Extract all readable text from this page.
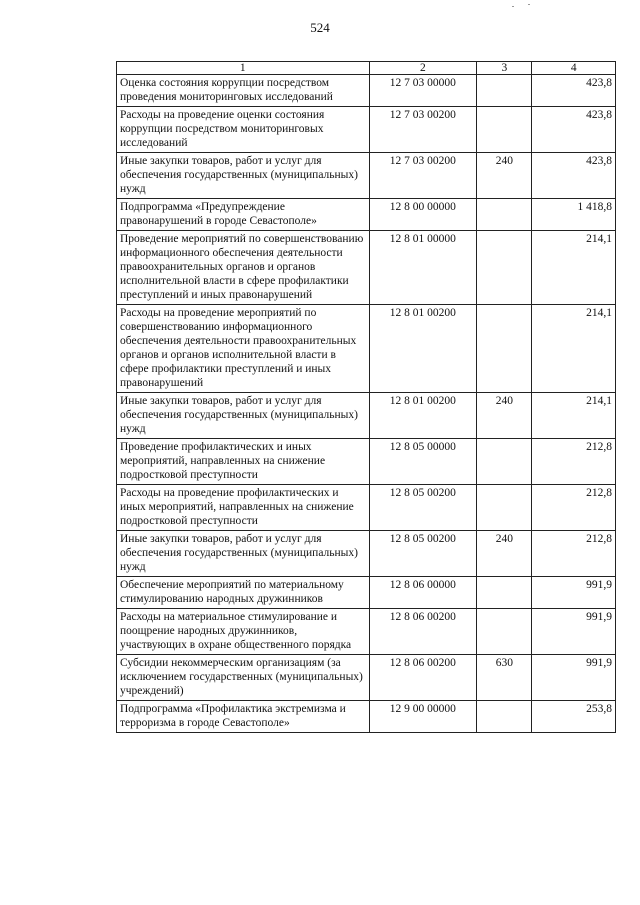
524
1	2	3	4
Оценка состояния коррупции посредством проведения мониторинговых исследований	12 7 03 00000		423,8
Расходы на проведение оценки состояния коррупции посредством мониторинговых исследований	12 7 03 00200		423,8
Иные закупки товаров, работ и услуг для обеспечения государственных (муниципальных) нужд	12 7 03 00200	240	423,8
Подпрограмма «Предупреждение правонарушений в городе Севастополе»	12 8 00 00000		1 418,8
Проведение мероприятий по совершенствованию информационного обеспечения деятельности правоохранительных органов и органов исполнительной власти в сфере профилактики преступлений и иных правонарушений	12 8 01 00000		214,1
Расходы на проведение мероприятий по совершенствованию информационного обеспечения деятельности правоохранительных органов и органов исполнительной власти в сфере профилактики преступлений и иных правонарушений	12 8 01 00200		214,1
Иные закупки товаров, работ и услуг для обеспечения государственных (муниципальных) нужд	12 8 01 00200	240	214,1
Проведение профилактических и иных мероприятий, направленных на снижение подростковой преступности	12 8 05 00000		212,8
Расходы на проведение профилактических и иных мероприятий, направленных на снижение подростковой преступности	12 8 05 00200		212,8
Иные закупки товаров, работ и услуг для обеспечения государственных (муниципальных) нужд	12 8 05 00200	240	212,8
Обеспечение мероприятий по материальному стимулированию народных дружинников	12 8 06 00000		991,9
Расходы на материальное стимулирование и поощрение народных дружинников, участвующих в охране общественного порядка	12 8 06 00200		991,9
Субсидии некоммерческим организациям (за исключением государственных (муниципальных) учреждений)	12 8 06 00200	630	991,9
Подпрограмма «Профилактика экстремизма и терроризма в городе Севастополе»	12 9 00 00000		253,8
